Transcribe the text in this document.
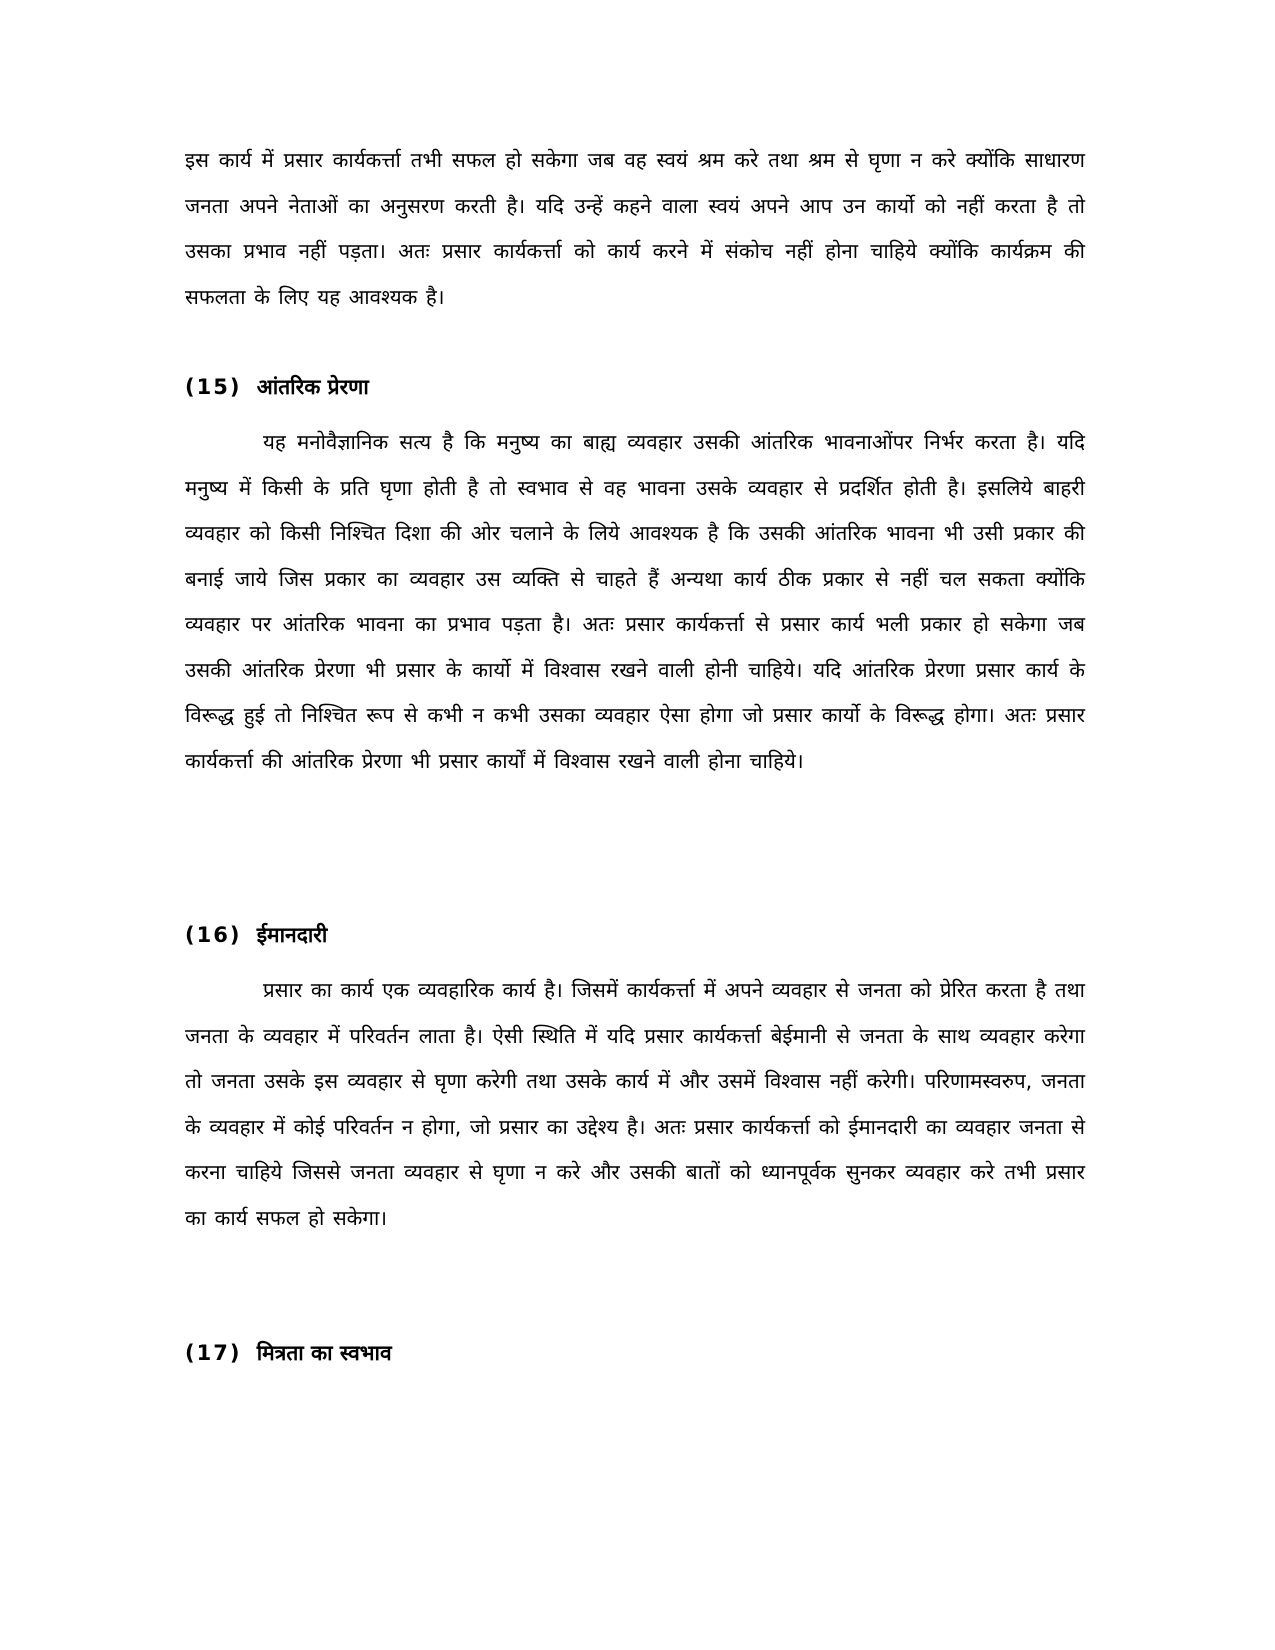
इस कार्य में प्रसार कार्यकर्त्ता तभी सफल हो सकेगा जब वह स्वयं श्रम करे तथा श्रम से घृणा न करे क्योंकि साधारण जनता अपने नेताओं का अनुसरण करती है। यदि उन्हें कहने वाला स्वयं अपने आप उन कार्यो को नहीं करता है तो उसका प्रभाव नहीं पड़ता। अतः प्रसार कार्यकर्त्ता को कार्य करने में संकोच नहीं होना चाहिये क्योंकि कार्यक्रम की सफलता के लिए यह आवश्यक है।

(15) आंतरिक प्रेरणा

यह मनोवैज्ञानिक सत्य है कि मनुष्य का बाह्य व्यवहार उसकी आंतरिक भावनाओंपर निर्भर करता है। यदि मनुष्य में किसी के प्रति घृणा होती है तो स्वभाव से वह भावना उसके व्यवहार से प्रदर्शित होती है। इसलिये बाहरी व्यवहार को किसी निश्चित दिशा की ओर चलाने के लिये आवश्यक है कि उसकी आंतरिक भावना भी उसी प्रकार की बनाई जाये जिस प्रकार का व्यवहार उस व्यक्ति से चाहते हैं अन्यथा कार्य ठीक प्रकार से नहीं चल सकता क्योंकि व्यवहार पर आंतरिक भावना का प्रभाव पड़ता है। अतः प्रसार कार्यकर्त्ता से प्रसार कार्य भली प्रकार हो सकेगा जब उसकी आंतरिक प्रेरणा भी प्रसार के कार्यो में विश्वास रखने वाली होनी चाहिये। यदि आंतरिक प्रेरणा प्रसार कार्य के विरूद्ध हुई तो निश्चित रूप से कभी न कभी उसका व्यवहार ऐसा होगा जो प्रसार कार्यो के विरूद्ध होगा। अतः प्रसार कार्यकर्त्ता की आंतरिक प्रेरणा भी प्रसार कार्यों में विश्वास रखने वाली होना चाहिये।

(16) ईमानदारी

प्रसार का कार्य एक व्यवहारिक कार्य है। जिसमें कार्यकर्त्ता में अपने व्यवहार से जनता को प्रेरित करता है तथा जनता के व्यवहार में परिवर्तन लाता है। ऐसी स्थिति में यदि प्रसार कार्यकर्त्ता बेईमानी से जनता के साथ व्यवहार करेगा तो जनता उसके इस व्यवहार से घृणा करेगी तथा उसके कार्य में और उसमें विश्वास नहीं करेगी। परिणामस्वरुप, जनता के व्यवहार में कोई परिवर्तन न होगा, जो प्रसार का उद्देश्य है। अतः प्रसार कार्यकर्त्ता को ईमानदारी का व्यवहार जनता से करना चाहिये जिससे जनता व्यवहार से घृणा न करे और उसकी बातों को ध्यानपूर्वक सुनकर व्यवहार करे तभी प्रसार का कार्य सफल हो सकेगा।

(17) मित्रता का स्वभाव
